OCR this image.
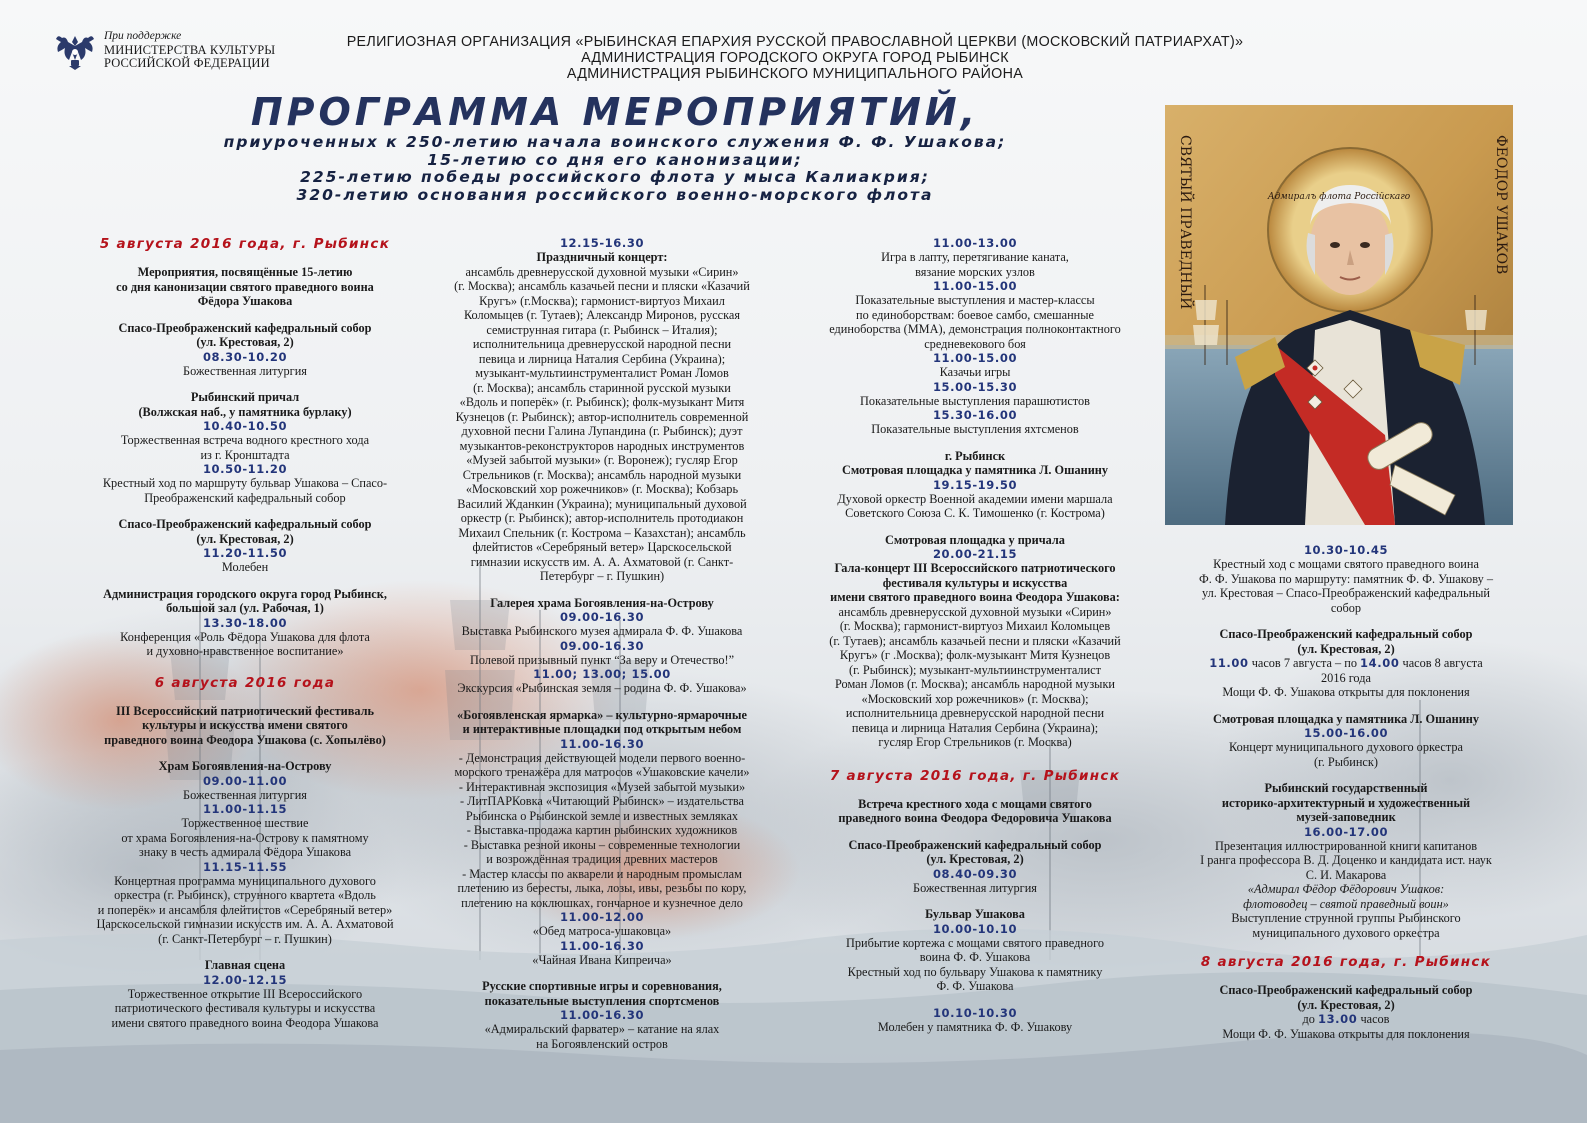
При поддержке
МИНИСТЕРСТВА КУЛЬТУРЫ
РОССИЙСКОЙ ФЕДЕРАЦИИ
РЕЛИГИОЗНАЯ ОРГАНИЗАЦИЯ «РЫБИНСКАЯ ЕПАРХИЯ РУССКОЙ ПРАВОСЛАВНОЙ ЦЕРКВИ (МОСКОВСКИЙ ПАТРИАРХАТ)»
АДМИНИСТРАЦИЯ ГОРОДСКОГО ОКРУГА ГОРОД РЫБИНСК
АДМИНИСТРАЦИЯ РЫБИНСКОГО МУНИЦИПАЛЬНОГО РАЙОНА
ПРОГРАММА МЕРОПРИЯТИЙ,
приуроченных к 250-летию начала воинского служения Ф. Ф. Ушакова;
15-летию со дня его канонизации;
225-летию победы российского флота у мыса Калиакрия;
320-летию основания российского военно-морского флота	СВЯТЫЙ ПРАВЕДНЫЙ	ФЕОДОР УШАКОВ
Адмиралъ флота Россiйскаго
5 августа 2016 года, г. Рыбинск
Мероприятия, посвящённые 15-летию
со дня канонизации святого праведного воина
Фёдора Ушакова
Спасо-Преображенский кафедральный собор
(ул. Крестовая, 2)
08.30-10.20
Божественная литургия
Рыбинский причал
(Волжская наб., у памятника бурлаку)
10.40-10.50
Торжественная встреча водного крестного хода
из г. Кронштадта
10.50-11.20
Крестный ход по маршруту бульвар Ушакова – Спасо-
Преображенский кафедральный собор
Спасо-Преображенский кафедральный собор
(ул. Крестовая, 2)
11.20-11.50
Молебен
Администрация городского округа город Рыбинск,
большой зал (ул. Рабочая, 1)
13.30-18.00
Конференция «Роль Фёдора Ушакова для флота
и духовно-нравственное воспитание»
6 августа 2016 года
III Всероссийский патриотический фестиваль
культуры и искусства имени святого
праведного воина Феодора Ушакова (с. Хопылёво)
Храм Богоявления-на-Острову
09.00-11.00
Божественная литургия
11.00-11.15
Торжественное шествие
от храма Богоявления-на-Острову к памятному
знаку в честь адмирала Фёдора Ушакова
11.15-11.55
Концертная программа муниципального духового
оркестра (г. Рыбинск), струнного квартета «Вдоль
и поперёк» и ансамбля флейтистов «Серебряный ветер»
Царскосельской гимназии искусств им. А. А. Ахматовой
(г. Санкт-Петербург – г. Пушкин)
Главная сцена
12.00-12.15
Торжественное открытие III Всероссийского
патриотического фестиваля культуры и искусства
имени святого праведного воина Феодора Ушакова
12.15-16.30
Праздничный концерт:
ансамбль древнерусской духовной музыки «Сирин»
(г. Москва); ансамбль казачьей песни и пляски «Казачий
Кругъ» (г.Москва); гармонист-виртуоз Михаил
Коломыцев (г. Тутаев); Александр Миронов, русская
семиструнная гитара (г. Рыбинск – Италия);
исполнительница древнерусской народной песни
певица и лирница Наталия Сербина (Украина);
музыкант-мультиинструменталист Роман Ломов
(г. Москва); ансамбль старинной русской музыки
«Вдоль и поперёк» (г. Рыбинск); фолк-музыкант Митя
Кузнецов (г. Рыбинск); автор-исполнитель современной
духовной песни Галина Лупандина (г. Рыбинск); дуэт
музыкантов-реконструкторов народных инструментов
«Музей забытой музыки» (г. Воронеж); гусляр Егор
Стрельников (г. Москва); ансамбль народной музыки
«Московский хор рожечников» (г. Москва); Кобзарь
Василий Жданкин (Украина); муниципальный духовой
оркестр (г. Рыбинск); автор-исполнитель протодиакон
Михаил Спельник (г. Кострома – Казахстан); ансамбль
флейтистов «Серебряный ветер» Царскосельской
гимназии искусств им. А. А. Ахматовой (г. Санкт-
Петербург – г. Пушкин)
Галерея храма Богоявления-на-Острову
09.00-16.30
Выставка Рыбинского музея адмирала Ф. Ф. Ушакова
09.00-16.30
Полевой призывный пункт “За веру и Отечество!”
11.00; 13.00; 15.00
Экскурсия «Рыбинская земля – родина Ф. Ф. Ушакова»
«Богоявленская ярмарка» – культурно-ярмарочные
и интерактивные площадки под открытым небом
11.00-16.30
- Демонстрация действующей модели первого военно-
морского тренажёра для матросов «Ушаковские качели»
- Интерактивная экспозиция «Музей забытой музыки»
- ЛитПАРКовка «Читающий Рыбинск» – издательства
Рыбинска о Рыбинской земле и известных земляках
- Выставка-продажа картин рыбинских художников
- Выставка резной иконы – современные технологии
и возрождённая традиция древних мастеров
- Мастер классы по акварели и народным промыслам
плетению из бересты, лыка, лозы, ивы, резьбы по кору,
плетению на коклюшках, гончарное и кузнечное дело
11.00-12.00
«Обед матроса-ушаковца»
11.00-16.30
«Чайная Ивана Кипреича»
Русские спортивные игры и соревнования,
показательные выступления спортсменов
11.00-16.30
«Адмиральский фарватер» – катание на ялах
на Богоявленский остров
11.00-13.00
Игра в лапту, перетягивание каната,
вязание морских узлов
11.00-15.00
Показательные выступления и мастер-классы
по единоборствам: боевое самбо, смешанные
единоборства (ММА), демонстрация полноконтактного
средневекового боя
11.00-15.00
Казачьи игры
15.00-15.30
Показательные выступления парашютистов
15.30-16.00
Показательные выступления яхтсменов
г. Рыбинск
Смотровая площадка у памятника Л. Ошанину
19.15-19.50
Духовой оркестр Военной академии имени маршала
Советского Союза С. К. Тимошенко (г. Кострома)
Смотровая площадка у причала
20.00-21.15
Гала-концерт III Всероссийского патриотического
фестиваля культуры и искусства
имени святого праведного воина Феодора Ушакова:
ансамбль древнерусской духовной музыки «Сирин»
(г. Москва); гармонист-виртуоз Михаил Коломыцев
(г. Тутаев); ансамбль казачьей песни и пляски «Казачий
Кругъ» (г .Москва); фолк-музыкант Митя Кузнецов
(г. Рыбинск); музыкант-мультиинструменталист
Роман Ломов (г. Москва); ансамбль народной музыки
«Московский хор рожечников» (г. Москва);
исполнительница древнерусской народной песни
певица и лирница Наталия Сербина (Украина);
гусляр Егор Стрельников (г. Москва)
7 августа 2016 года, г. Рыбинск
Встреча крестного хода с мощами святого
праведного воина Феодора Федоровича Ушакова
Спасо-Преображенский кафедральный собор
(ул. Крестовая, 2)
08.40-09.30
Божественная литургия
Бульвар Ушакова
10.00-10.10
Прибытие кортежа с мощами святого праведного
воина Ф. Ф. Ушакова
Крестный ход по бульвару Ушакова к памятнику
Ф. Ф. Ушакова
10.10-10.30
Молебен у памятника Ф. Ф. Ушакову
10.30-10.45
Крестный ход с мощами святого праведного воина
Ф. Ф. Ушакова по маршруту: памятник Ф. Ф. Ушакову –
ул. Крестовая – Спасо-Преображенский кафедральный
собор
Спасо-Преображенский кафедральный собор
(ул. Крестовая, 2)
11.00 часов 7 августа – по 14.00 часов 8 августа
2016 года
Мощи Ф. Ф. Ушакова открыты для поклонения
Смотровая площадка у памятника Л. Ошанину
15.00-16.00
Концерт муниципального духового оркестра
(г. Рыбинск)
Рыбинский государственный
историко-архитектурный и художественный
музей-заповедник
16.00-17.00
Презентация иллюстрированной книги капитанов
I ранга профессора В. Д. Доценко и кандидата ист. наук
С. И. Макарова
«Адмирал Фёдор Фёдорович Ушаков:
флотоводец – святой праведный воин»
Выступление струнной группы Рыбинского
муниципального духового оркестра
8 августа 2016 года, г. Рыбинск
Спасо-Преображенский кафедральный собор
(ул. Крестовая, 2)
до 13.00 часов
Мощи Ф. Ф. Ушакова открыты для поклонения
